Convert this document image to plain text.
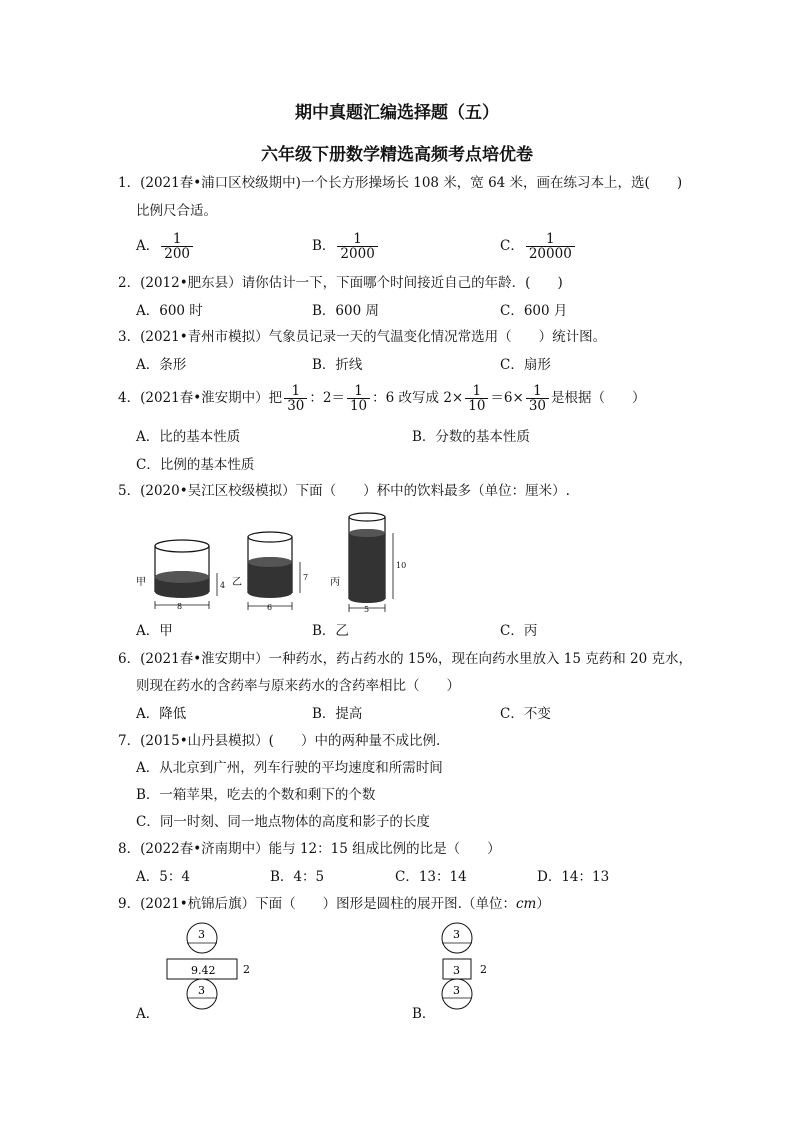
期中真题汇编选择题（五）
六年级下册数学精选高频考点培优卷
1．(2021春•浦口区校级期中)一个长方形操场长 108 米，宽 64 米，画在练习本上，选(　　)
比例尺合适。
A． $\frac{1}{200}$	B． $\frac{1}{2000}$	C． $\frac{1}{20000}$
2．(2012•肥东县）请你估计一下，下面哪个时间接近自己的年龄．(　　)
A．600 时	B．600 周	C．600 月
3．(2021•青州市模拟）气象员记录一天的气温变化情况常选用（　　）统计图。
A．条形	B．折线	C．扇形
4．(2021春•淮安期中）把 $\frac{1}{30}$ ：$2= \frac{1}{10}$ ：6 改写成 $2\times \frac{1}{10} =6\times \frac{1}{30}$ 是根据（　　）
A．比的基本性质	B．分数的基本性质
C．比例的基本性质
5．(2020•吴江区校级模拟）下面（　　）杯中的饮料最多（单位：厘米）.
甲
8
4 乙
6
7 丙
5
10
A．甲	B．乙	C．丙
6．(2021春•淮安期中）一种药水，药占药水的 15%，现在向药水里放入 15 克药和 20 克水，
则现在药水的含药率与原来药水的含药率相比（　　）
A．降低	B．提高	C．不变
7．(2015•山丹县模拟）(　　）中的两种量不成比例.
A．从北京到广州，列车行驶的平均速度和所需时间
B．一箱苹果，吃去的个数和剩下的个数
C．同一时刻、同一地点物体的高度和影子的长度
8．(2022春•济南期中）能与 12：15 组成比例的比是（　　）
A．5：4	B．4：5	C．13：14	D．14：13
9．(2021•杭锦后旗）下面（　　）图形是圆柱的展开图.（单位：cm）
A．
3
9.42	2
3
B．
3
3 2
3
